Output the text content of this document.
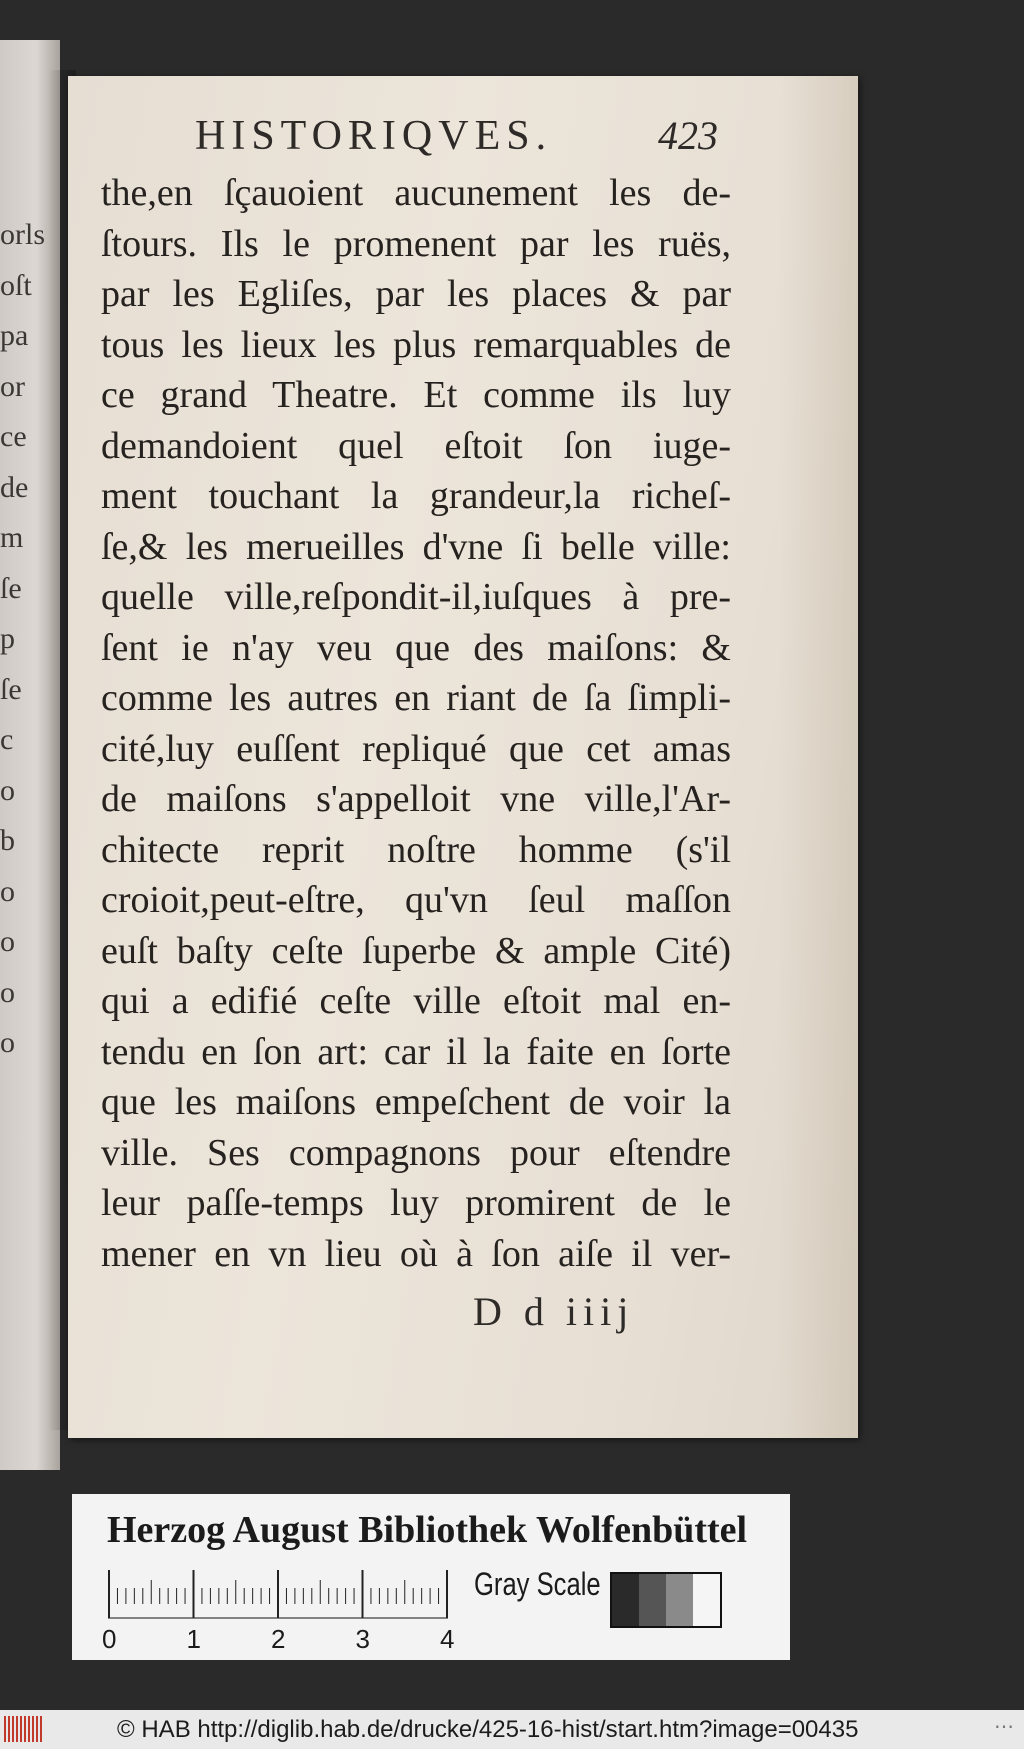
orls
oſt
pa
or
ce
de
m
ſe
p
ſe
c
o
b
o
o
o
o
HISTORIQVES.	423
the,en ſçauoient aucunement les de-
ſtours. Ils le promenent par les ruës,
par les Egliſes, par les places & par
tous les lieux les plus remarquables de
ce grand Theatre. Et comme ils luy
demandoient quel eſtoit ſon iuge-
ment touchant la grandeur,la richeſ-
ſe,& les merueilles d'vne ſi belle ville:
quelle ville,reſpondit-il,iuſques à pre-
ſent ie n'ay veu que des maiſons: &
comme les autres en riant de ſa ſimpli-
cité,luy euſſent repliqué que cet amas
de maiſons s'appelloit vne ville,l'Ar-
chitecte reprit noſtre homme (s'il
croioit,peut-eſtre, qu'vn ſeul maſſon
euſt baſty ceſte ſuperbe & ample Cité)
qui a edifié ceſte ville eſtoit mal en-
tendu en ſon art: car il la faite en ſorte
que les maiſons empeſchent de voir la
ville. Ses compagnons pour eſtendre
leur paſſe-temps luy promirent de le
mener en vn lieu où à ſon aiſe il ver-
D d iiij
Herzog August Bibliothek Wolfenbüttel
0	1	2	3	4
Gray Scale
© HAB http://diglib.hab.de/drucke/425-16-hist/start.htm?image=00435	⋯
